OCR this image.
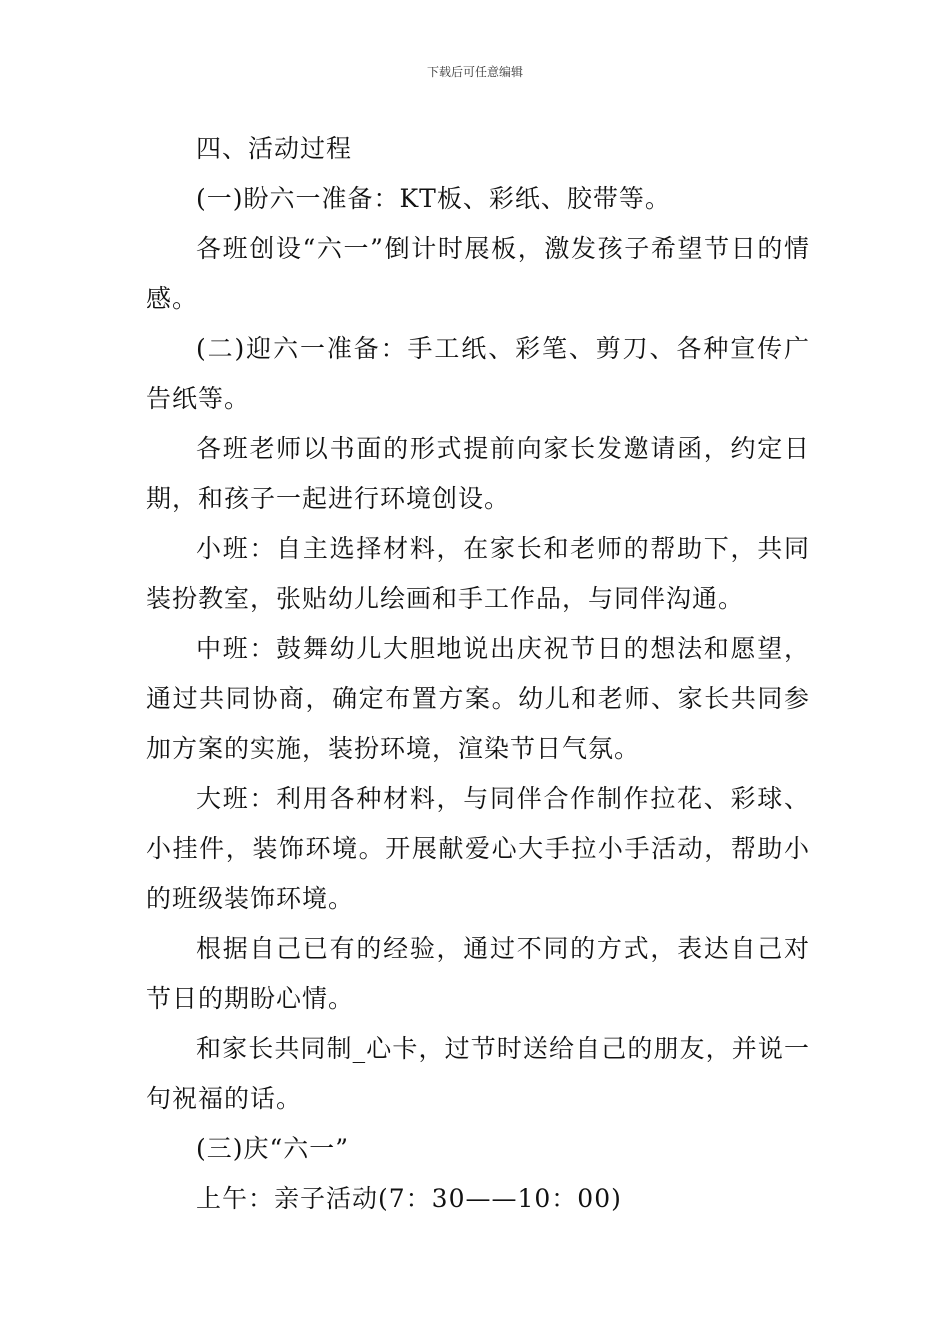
下载后可任意编辑

四、活动过程

(一)盼六一准备：KT板、彩纸、胶带等。

各班创设“六一”倒计时展板，激发孩子希望节日的情感。

(二)迎六一准备：手工纸、彩笔、剪刀、各种宣传广告纸等。

各班老师以书面的形式提前向家长发邀请函，约定日期，和孩子一起进行环境创设。

小班：自主选择材料，在家长和老师的帮助下，共同装扮教室，张贴幼儿绘画和手工作品，与同伴沟通。

中班：鼓舞幼儿大胆地说出庆祝节日的想法和愿望，通过共同协商，确定布置方案。幼儿和老师、家长共同参加方案的实施，装扮环境，渲染节日气氛。

大班：利用各种材料，与同伴合作制作拉花、彩球、小挂件，装饰环境。开展献爱心大手拉小手活动，帮助小的班级装饰环境。

根据自己已有的经验，通过不同的方式，表达自己对节日的期盼心情。

和家长共同制_心卡，过节时送给自己的朋友，并说一句祝福的话。

(三)庆“六一”

上午：亲子活动(7：30——10：00)
